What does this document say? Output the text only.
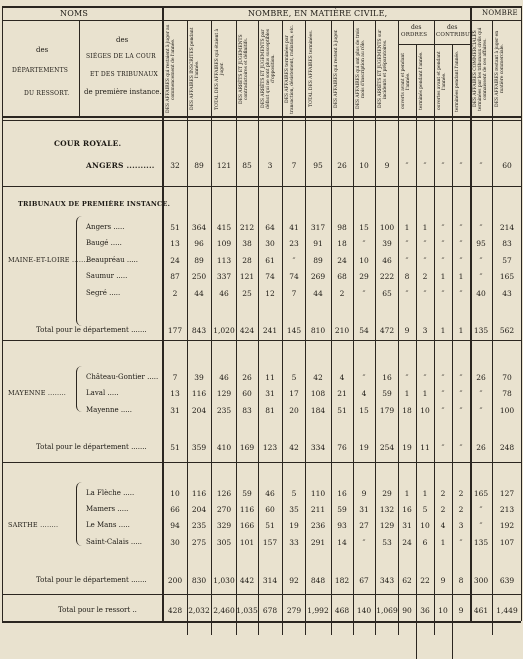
NOMS	NOMBRE, EN MATIÈRE CIVILE,	NOMBRE
des
DÉPARTEMENTS
DU RESSORT.
des
SIÉGES DE LA COUR
ET DES TRIBUNAUX
de première instance.
des
ORDRES
des
CONTRIBUT.
DES AFFAIRES qui restaient à juger au commencement de l'année.	DES AFFAIRES INSCRITES pendant l'année.	TOTAL DES AFFAIRES qui étaient à juger.	DES ARRÊTS ET JUGEMENTS contradictoires et définitifs.	DES ARRÊTS ET JUGEMENTS par défaut qui ne sont plus susceptibles d'opposition.	DES AFFAIRES terminées par transaction, désistement, radiation, etc.	TOTAL DES AFFAIRES terminées.	DES AFFAIRES qui restent à juger.	DES AFFAIRES qui ont plus de trois mois d'inscription au rôle.	DES ARRÊTS ET JUGEMENTS sur incidents et préparatoires.	ouverts avant et pendant l'année.	terminés pendant l'année.	ouvertes avant et pendant l'année.	terminées pendant l'année.	DES AFFAIRES COMMERCIALES terminées par les tribunaux civils qui connaissent de ces affaires.	DES AFFAIRES restant à juger en matière commerciale.
COUR ROYALE.
TRIBUNAUX DE PREMIÈRE INSTANCE.
ANGERS ..........	32	89	121	85	3	7	95	26	10	9	″	″	″	″	″	60
Angers .....	51	364	415	212	64	41	317	98	15	100	1	1	″	″	″	214
Baugé .....	13	96	109	38	30	23	91	18	″	39	″	″	″	″	95	83
MAINE-ET-LOIRE ........
Beaupréau .....	24	89	113	28	61	″	89	24	10	46	″	″	″	″	″	57
Saumur .....	87	250	337	121	74	74	269	68	29	222	8	2	1	1	″	165
Segré .....	2	44	46	25	12	7	44	2	″	65	″	″	″	″	40	43
Total pour le département .......	177	843 1,020 424	241	145	810	210	54	472	9	3	1	1	135	562
Château-Gontier .....	7	39	46	26	11	5	42	4	″	16	″	″	″	″	26	70
MAYENNE ........	Laval .....	13	116	129	60	31	17	108	21	4	59	1	1	″	″	″	78
Mayenne .....	31	204	235	83	81	20	184	51	15	179	18	10	″	″	″	100
Total pour le département .......	51	359	410	169	123	42	334	76	19	254	19	11	″	″	26	248
La Flèche .....	10	116	126	59	46	5	110	16	9	29	1	1	2	2	165	127
Mamers .....	66	204	270	116	60	35	211	59	31	132	16	5	2	2	″	213
SARTHE ........	Le Mans .....	94	235	329	166	51	19	236	93	27	129	31	10	4	3	″	192
Saint-Calais .....	30	275	305	101	157	33	291	14	″	53	24	6	1	″	135	107
Total pour le département .......	200	830 1,030 442	314	92	848	182	67	343	62	22	9	8	300	639
Total pour le ressort ..	428 2,032 2,460 1,035 678	279 1,992 468	140 1,069 90	36	10	9	461	1,449
